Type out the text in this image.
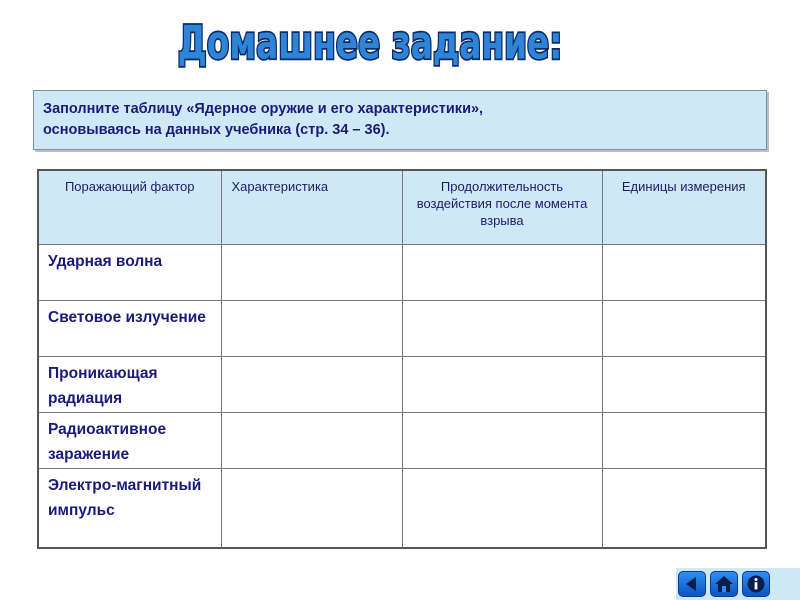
Домашнее задание:
Заполните таблицу «Ядерное оружие и его характеристики»,
основываясь на данных учебника (стр. 34 – 36).
Поражающий фактор	Характеристика	Продолжительность воздействия после момента взрыва	Единицы измерения
Ударная волна			
Световое излучение			
Проникающая радиация			
Радиоактивное заражение			
Электро-магнитный импульс			
